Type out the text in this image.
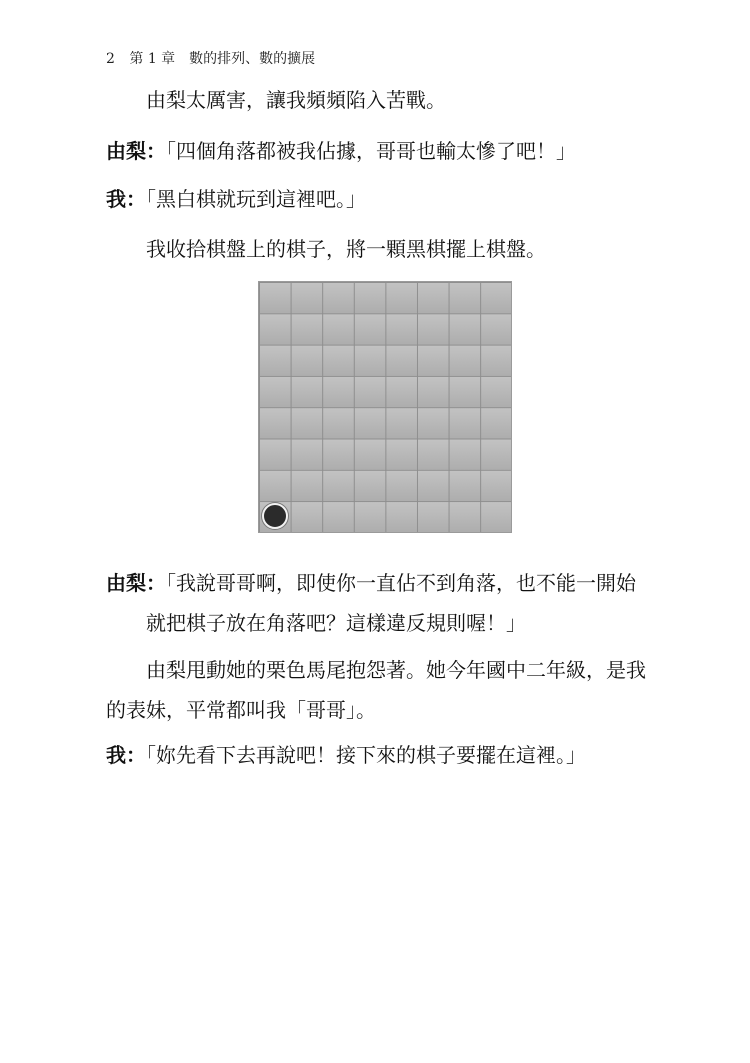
2 第 1 章　數的排列、數的擴展
由梨太厲害，讓我頻頻陷入苦戰。
由梨：「四個角落都被我佔據，哥哥也輸太慘了吧！」
我：「黑白棋就玩到這裡吧。」
我收拾棋盤上的棋子，將一顆黑棋擺上棋盤。
由梨：「我說哥哥啊，即使你一直佔不到角落，也不能一開始
就把棋子放在角落吧？這樣違反規則喔！」
由梨甩動她的栗色馬尾抱怨著。她今年國中二年級，是我
的表妹，平常都叫我「哥哥」。
我：「妳先看下去再說吧！接下來的棋子要擺在這裡。」
